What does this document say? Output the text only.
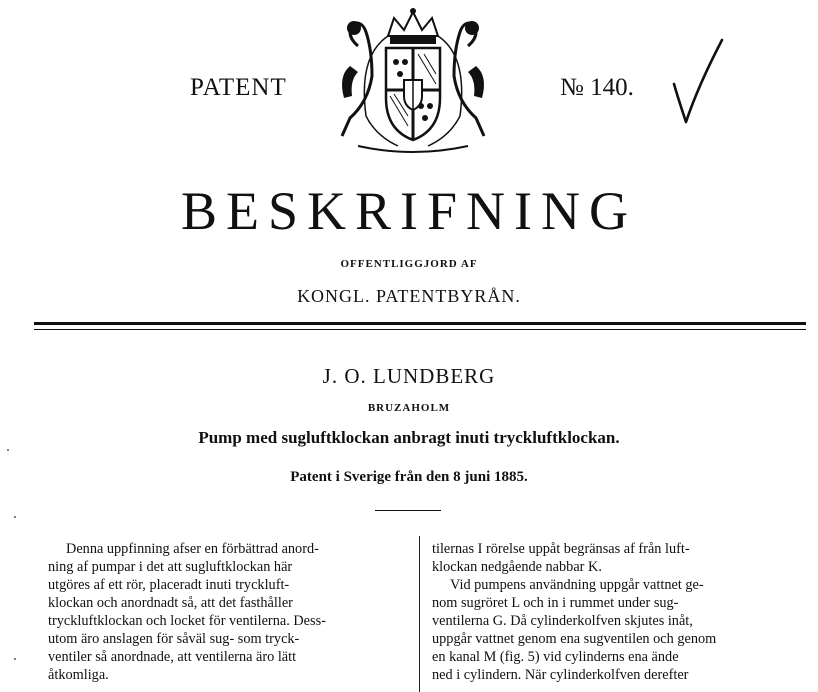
PATENT	№ 140.
BESKRIFNING
OFFENTLIGGJORD AF
KONGL. PATENTBYRÅN.
J. O. LUNDBERG
BRUZAHOLM
Pump med sugluftklockan anbragt inuti tryckluftklockan.
Patent i Sverige från den 8 juni 1885.
Denna uppfinning afser en förbättrad anord-
ning af pumpar i det att sugluftklockan här
utgöres af ett rör, placeradt inuti tryckluft-
klockan och anordnadt så, att det fasthåller
tryckluftklockan och locket för ventilerna. Dess-
utom äro anslagen för såväl sug- som tryck-
ventiler så anordnade, att ventilerna äro lätt
åtkomliga.
tilernas I rörelse uppåt begränsas af från luft-
klockan nedgående nabbar K.
Vid pumpens användning uppgår vattnet ge-
nom sugröret L och in i rummet under sug-
ventilerna G. Då cylinderkolfven skjutes inåt,
uppgår vattnet genom ena sugventilen och genom
en kanal M (fig. 5) vid cylinderns ena ände
ned i cylindern. När cylinderkolfven derefter
